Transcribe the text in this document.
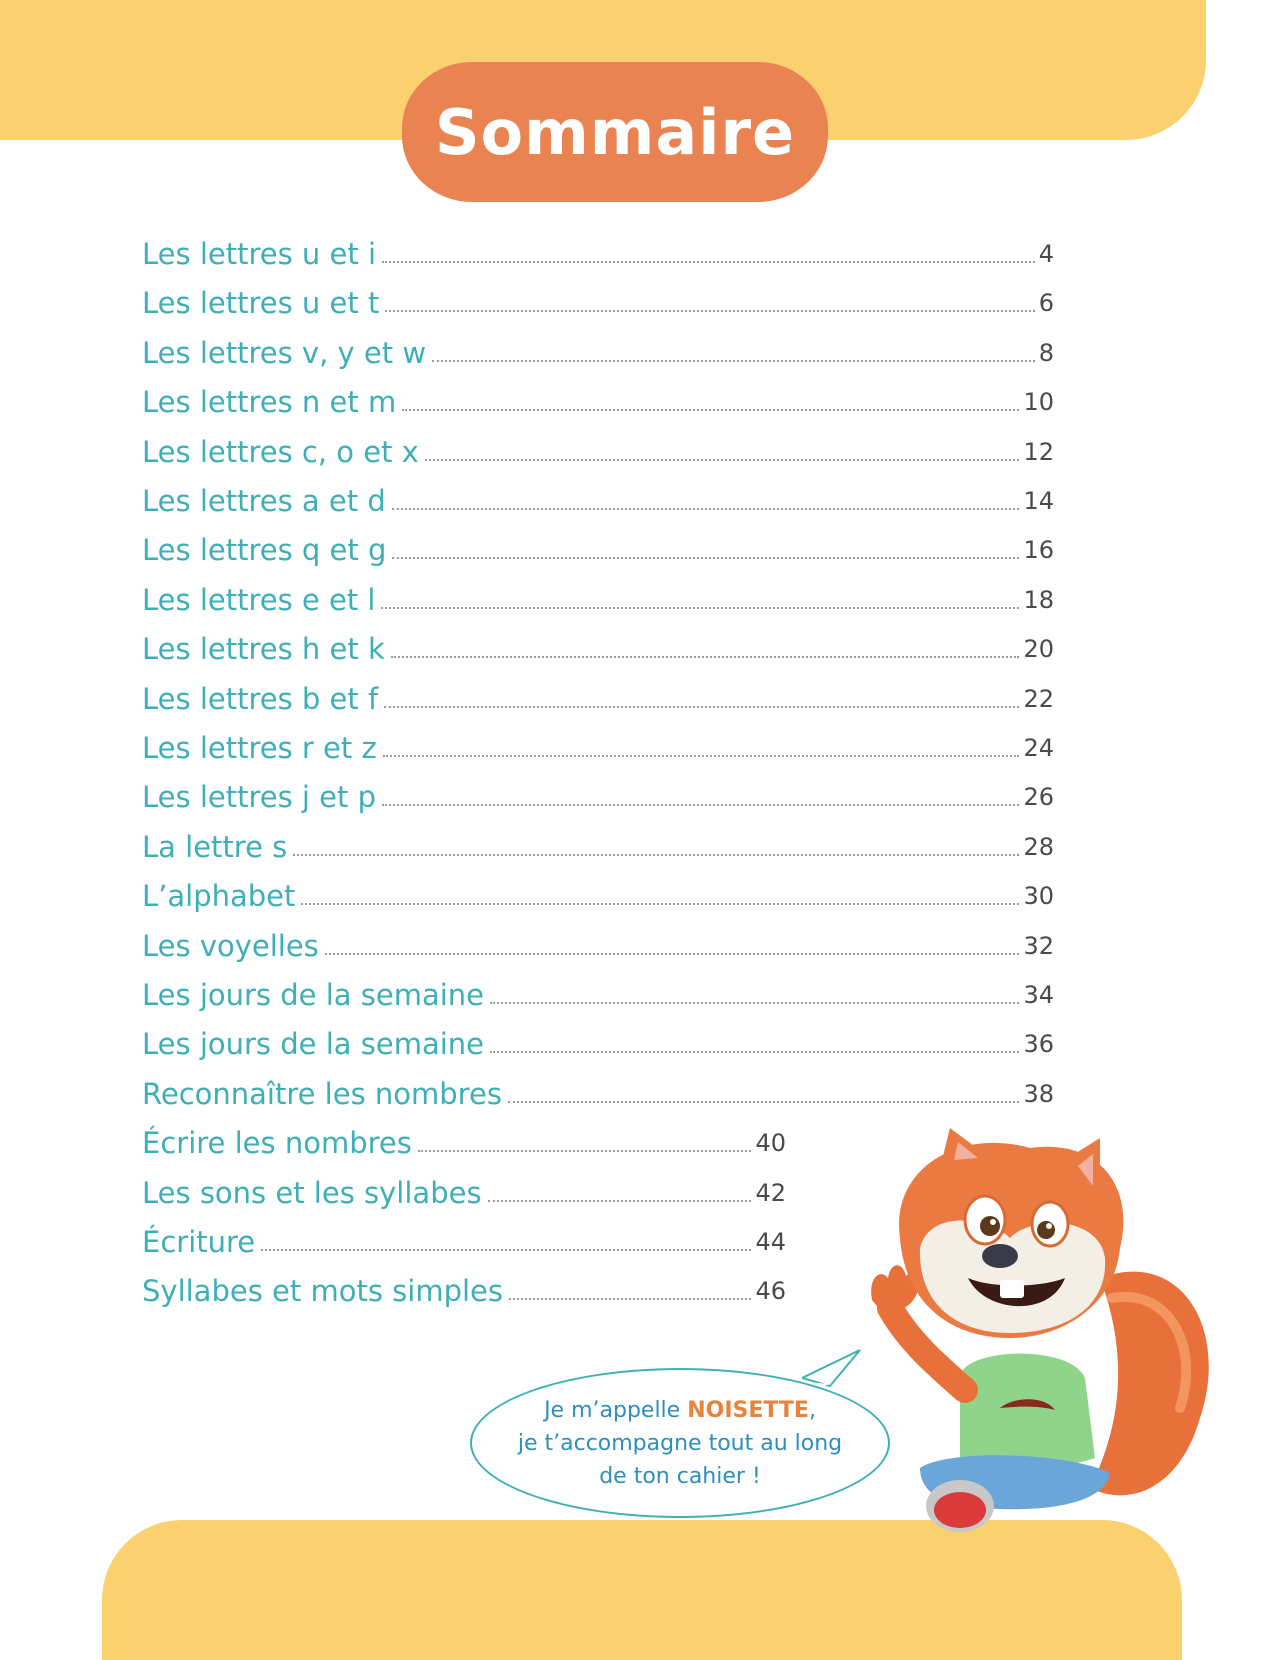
Sommaire
Les lettres u et i	4
Les lettres u et t	6
Les lettres v, y et w	8
Les lettres n et m	10
Les lettres c, o et x	12
Les lettres a et d	14
Les lettres q et g	16
Les lettres e et l	18
Les lettres h et k	20
Les lettres b et f	22
Les lettres r et z	24
Les lettres j et p	26
La lettre s	28
L’alphabet	30
Les voyelles	32
Les jours de la semaine	34
Les jours de la semaine	36
Reconnaître les nombres	38
Écrire les nombres	40
Les sons et les syllabes	42
Écriture	44
Syllabes et mots simples	46
Je m’appelle NOISETTE,
je t’accompagne tout au long
de ton cahier !
